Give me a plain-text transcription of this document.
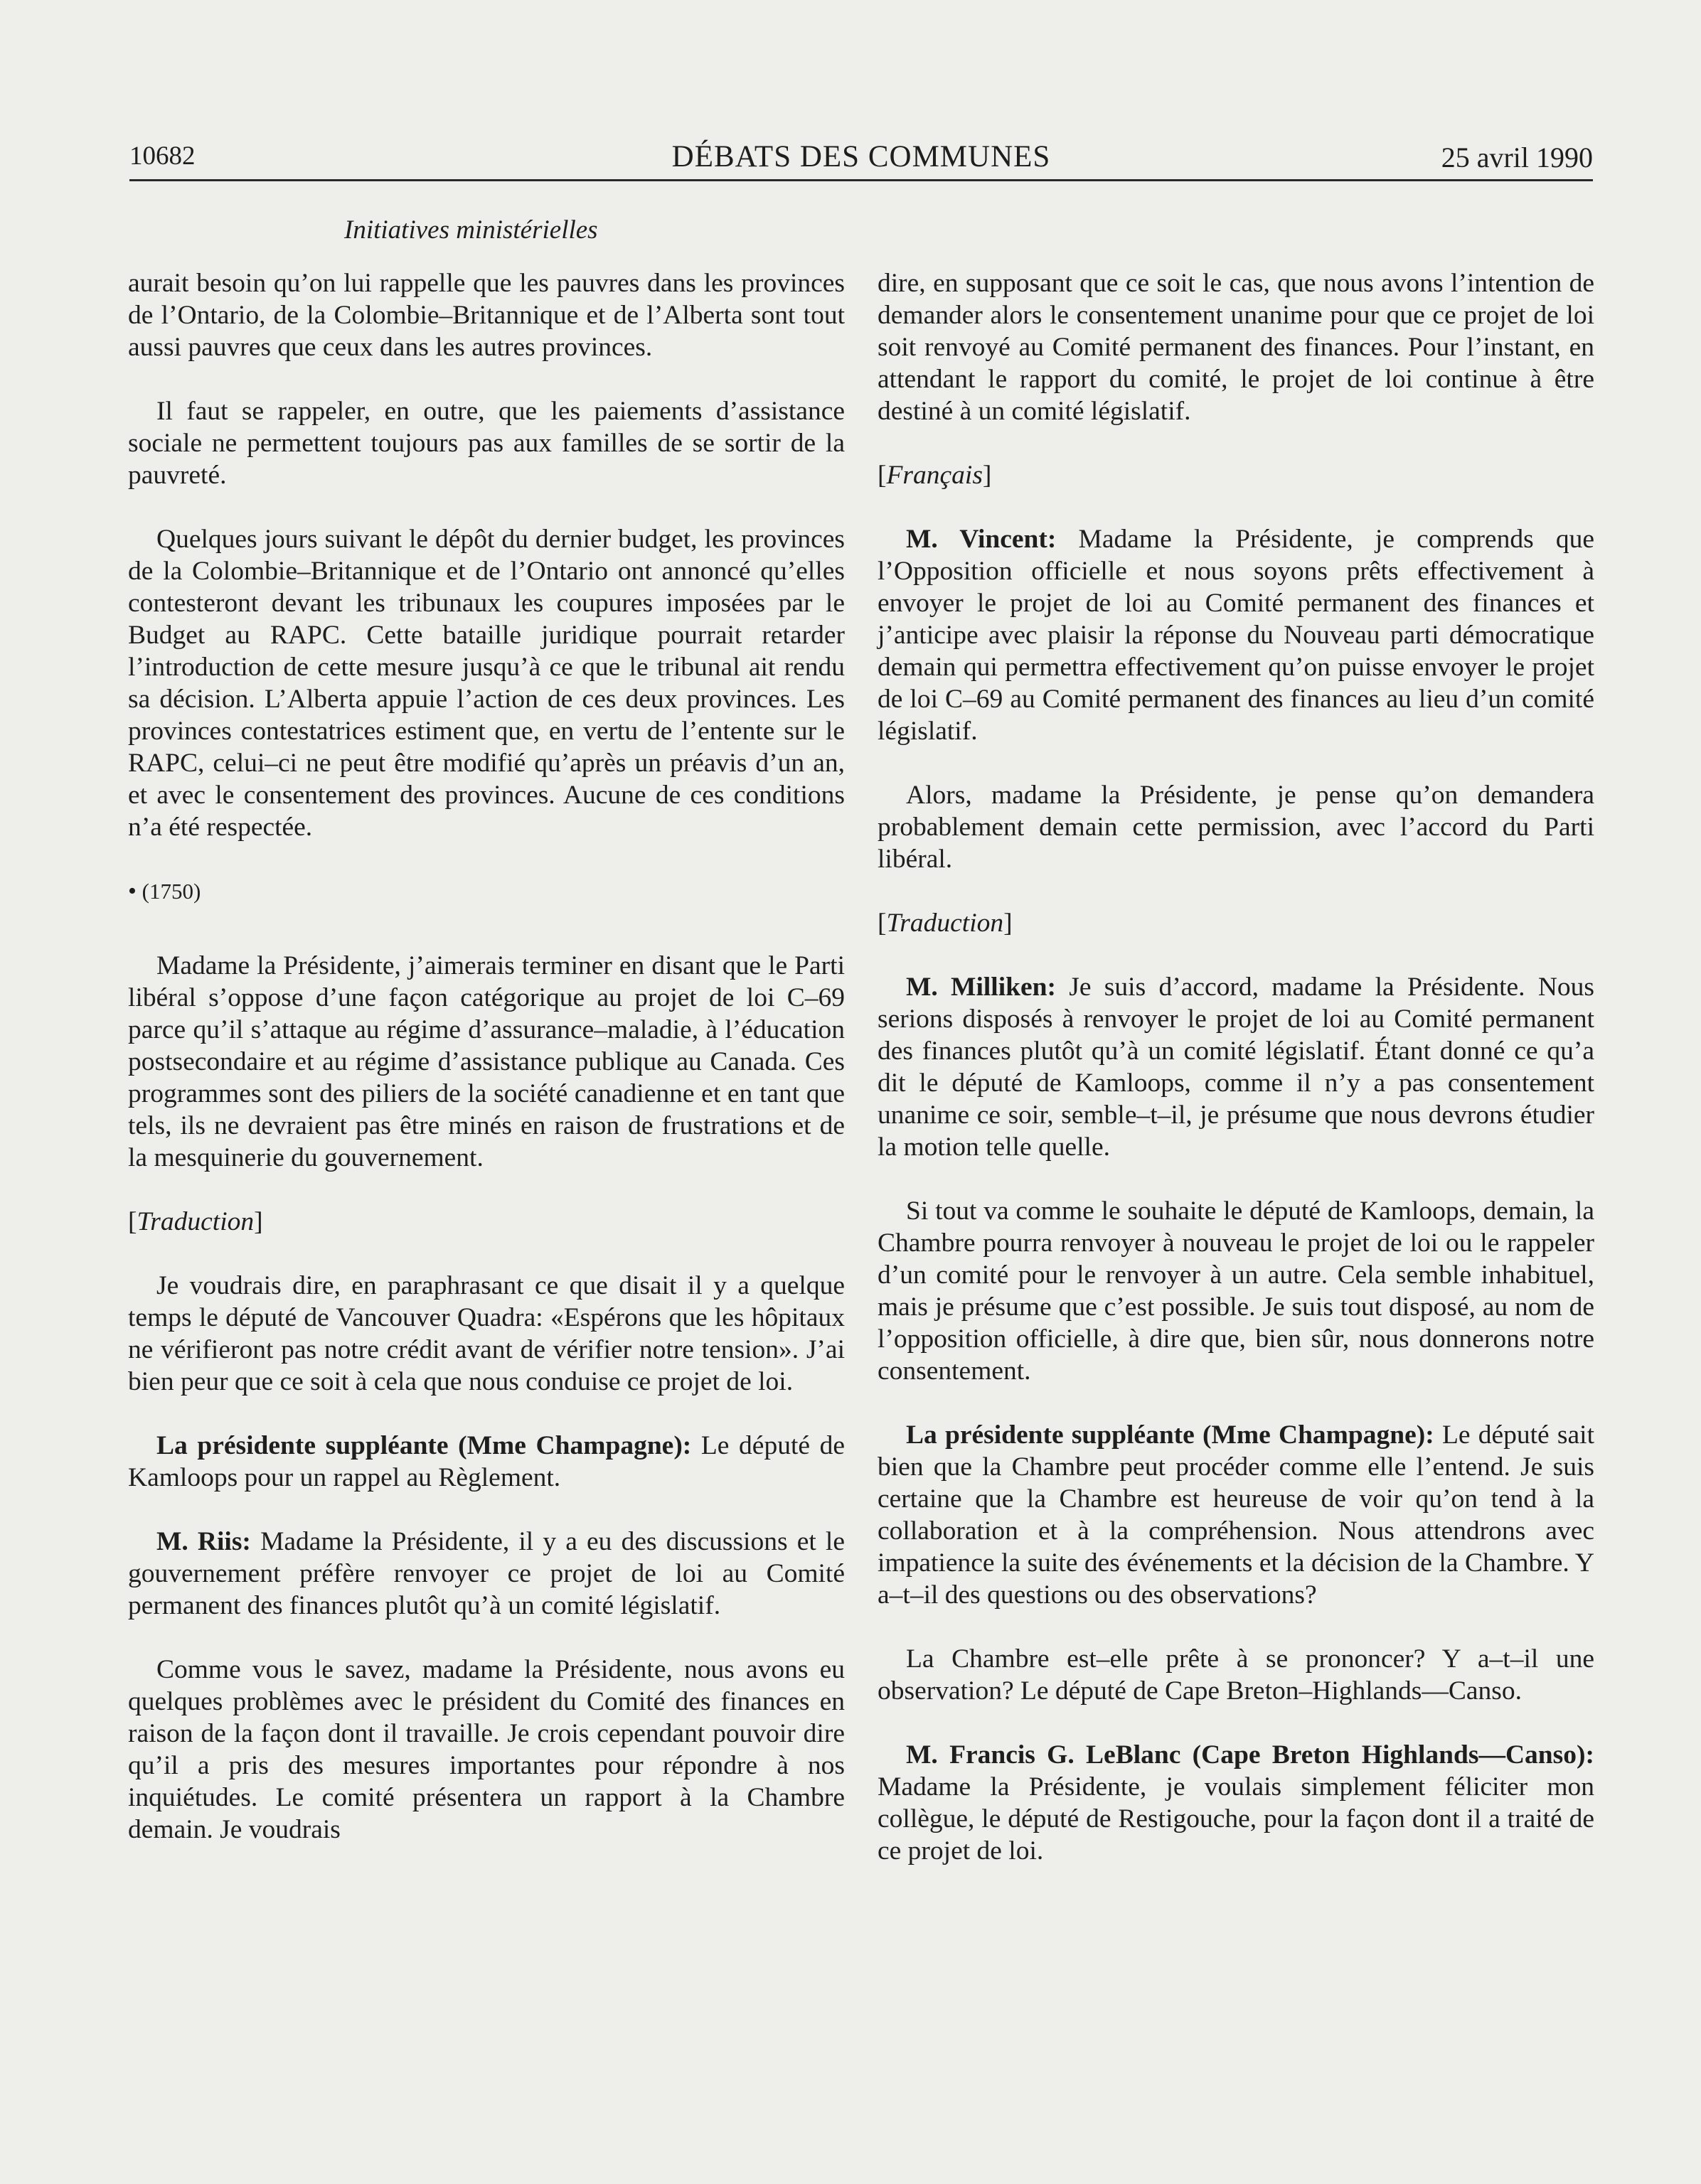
10682	DÉBATS DES COMMUNES	25 avril 1990
Initiatives ministérielles

aurait besoin qu’on lui rappelle que les pauvres dans les provinces de l’Ontario, de la Colombie–Britannique et de l’Alberta sont tout aussi pauvres que ceux dans les autres provinces.

Il faut se rappeler, en outre, que les paiements d’assistance sociale ne permettent toujours pas aux familles de se sortir de la pauvreté.

Quelques jours suivant le dépôt du dernier budget, les provinces de la Colombie–Britannique et de l’Ontario ont annoncé qu’elles contesteront devant les tribunaux les coupures imposées par le Budget au RAPC. Cette bataille juridique pourrait retarder l’introduction de cette mesure jusqu’à ce que le tribunal ait rendu sa décision. L’Alberta appuie l’action de ces deux provinces. Les provinces contestatrices estiment que, en vertu de l’entente sur le RAPC, celui–ci ne peut être modifié qu’après un préavis d’un an, et avec le consentement des provinces. Aucune de ces conditions n’a été respectée.

• (1750)

Madame la Présidente, j’aimerais terminer en disant que le Parti libéral s’oppose d’une façon catégorique au projet de loi C–69 parce qu’il s’attaque au régime d’assurance–maladie, à l’éducation postsecondaire et au régime d’assistance publique au Canada. Ces programmes sont des piliers de la société canadienne et en tant que tels, ils ne devraient pas être minés en raison de frustrations et de la mesquinerie du gouvernement.

[Traduction]

Je voudrais dire, en paraphrasant ce que disait il y a quelque temps le député de Vancouver Quadra: «Espérons que les hôpitaux ne vérifieront pas notre crédit avant de vérifier notre tension». J’ai bien peur que ce soit à cela que nous conduise ce projet de loi.

La présidente suppléante (Mme Champagne): Le député de Kamloops pour un rappel au Règlement.

M. Riis: Madame la Présidente, il y a eu des discussions et le gouvernement préfère renvoyer ce projet de loi au Comité permanent des finances plutôt qu’à un comité législatif.

Comme vous le savez, madame la Présidente, nous avons eu quelques problèmes avec le président du Comité des finances en raison de la façon dont il travaille. Je crois cependant pouvoir dire qu’il a pris des mesures importantes pour répondre à nos inquiétudes. Le comité présentera un rapport à la Chambre demain. Je voudrais

dire, en supposant que ce soit le cas, que nous avons l’intention de demander alors le consentement unanime pour que ce projet de loi soit renvoyé au Comité permanent des finances. Pour l’instant, en attendant le rapport du comité, le projet de loi continue à être destiné à un comité législatif.

[Français]

M. Vincent: Madame la Présidente, je comprends que l’Opposition officielle et nous soyons prêts effectivement à envoyer le projet de loi au Comité permanent des finances et j’anticipe avec plaisir la réponse du Nouveau parti démocratique demain qui permettra effectivement qu’on puisse envoyer le projet de loi C–69 au Comité permanent des finances au lieu d’un comité législatif.

Alors, madame la Présidente, je pense qu’on demandera probablement demain cette permission, avec l’accord du Parti libéral.

[Traduction]

M. Milliken: Je suis d’accord, madame la Présidente. Nous serions disposés à renvoyer le projet de loi au Comité permanent des finances plutôt qu’à un comité législatif. Étant donné ce qu’a dit le député de Kamloops, comme il n’y a pas consentement unanime ce soir, semble–t–il, je présume que nous devrons étudier la motion telle quelle.

Si tout va comme le souhaite le député de Kamloops, demain, la Chambre pourra renvoyer à nouveau le projet de loi ou le rappeler d’un comité pour le renvoyer à un autre. Cela semble inhabituel, mais je présume que c’est possible. Je suis tout disposé, au nom de l’opposition officielle, à dire que, bien sûr, nous donnerons notre consentement.

La présidente suppléante (Mme Champagne): Le député sait bien que la Chambre peut procéder comme elle l’entend. Je suis certaine que la Chambre est heureuse de voir qu’on tend à la collaboration et à la compréhension. Nous attendrons avec impatience la suite des événements et la décision de la Chambre. Y a–t–il des questions ou des observations?

La Chambre est–elle prête à se prononcer? Y a–t–il une observation? Le député de Cape Breton–Highlands—Canso.

M. Francis G. LeBlanc (Cape Breton Highlands—Canso): Madame la Présidente, je voulais simplement féliciter mon collègue, le député de Restigouche, pour la façon dont il a traité de ce projet de loi.
